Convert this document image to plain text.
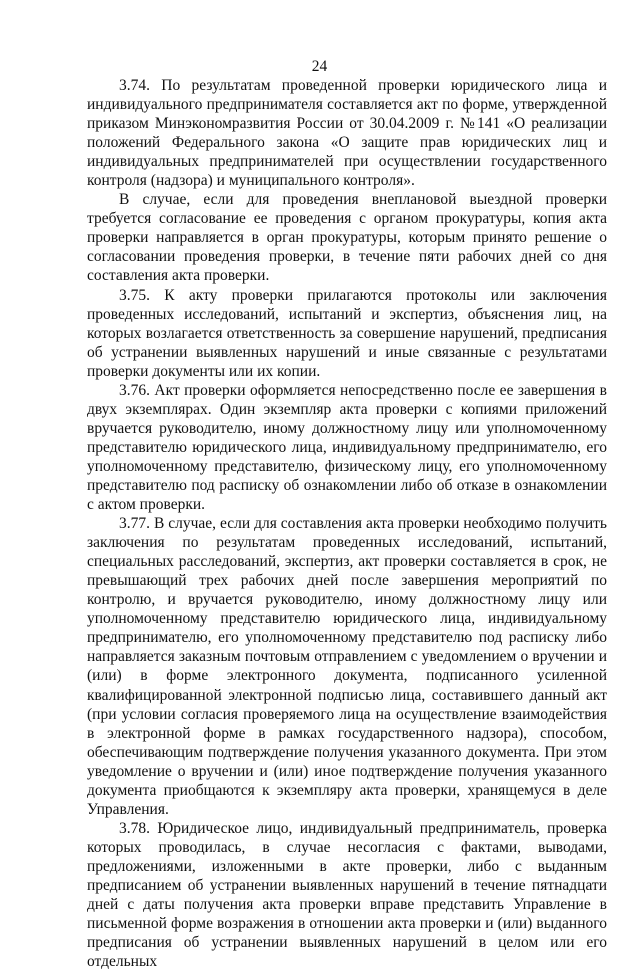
24

3.74. По результатам проведенной проверки юридического лица и индивидуального предпринимателя составляется акт по форме, утвержденной приказом Минэкономразвития России от 30.04.2009 г. №141 «О реализации положений Федерального закона «О защите прав юридических лиц и индивидуальных предпринимателей при осуществлении государственного контроля (надзора) и муниципального контроля».

В случае, если для проведения внеплановой выездной проверки требуется согласование ее проведения с органом прокуратуры, копия акта проверки направляется в орган прокуратуры, которым принято решение о согласовании проведения проверки, в течение пяти рабочих дней со дня составления акта проверки.

3.75. К акту проверки прилагаются протоколы или заключения проведенных исследований, испытаний и экспертиз, объяснения лиц, на которых возлагается ответственность за совершение нарушений, предписания об устранении выявленных нарушений и иные связанные с результатами проверки документы или их копии.

3.76. Акт проверки оформляется непосредственно после ее завершения в двух экземплярах. Один экземпляр акта проверки с копиями приложений вручается руководителю, иному должностному лицу или уполномоченному представителю юридического лица, индивидуальному предпринимателю, его уполномоченному представителю, физическому лицу, его уполномоченному представителю под расписку об ознакомлении либо об отказе в ознакомлении с актом проверки.

3.77. В случае, если для составления акта проверки необходимо получить заключения по результатам проведенных исследований, испытаний, специальных расследований, экспертиз, акт проверки составляется в срок, не превышающий трех рабочих дней после завершения мероприятий по контролю, и вручается руководителю, иному должностному лицу или уполномоченному представителю юридического лица, индивидуальному предпринимателю, его уполномоченному представителю под расписку либо направляется заказным почтовым отправлением с уведомлением о вручении и (или) в форме электронного документа, подписанного усиленной квалифицированной электронной подписью лица, составившего данный акт (при условии согласия проверяемого лица на осуществление взаимодействия в электронной форме в рамках государственного надзора), способом, обеспечивающим подтверждение получения указанного документа. При этом уведомление о вручении и (или) иное подтверждение получения указанного документа приобщаются к экземпляру акта проверки, хранящемуся в деле Управления.

3.78. Юридическое лицо, индивидуальный предприниматель, проверка которых проводилась, в случае несогласия с фактами, выводами, предложениями, изложенными в акте проверки, либо с выданным предписанием об устранении выявленных нарушений в течение пятнадцати дней с даты получения акта проверки вправе представить Управление в письменной форме возражения в отношении акта проверки и (или) выданного предписания об устранении выявленных нарушений в целом или его отдельных
